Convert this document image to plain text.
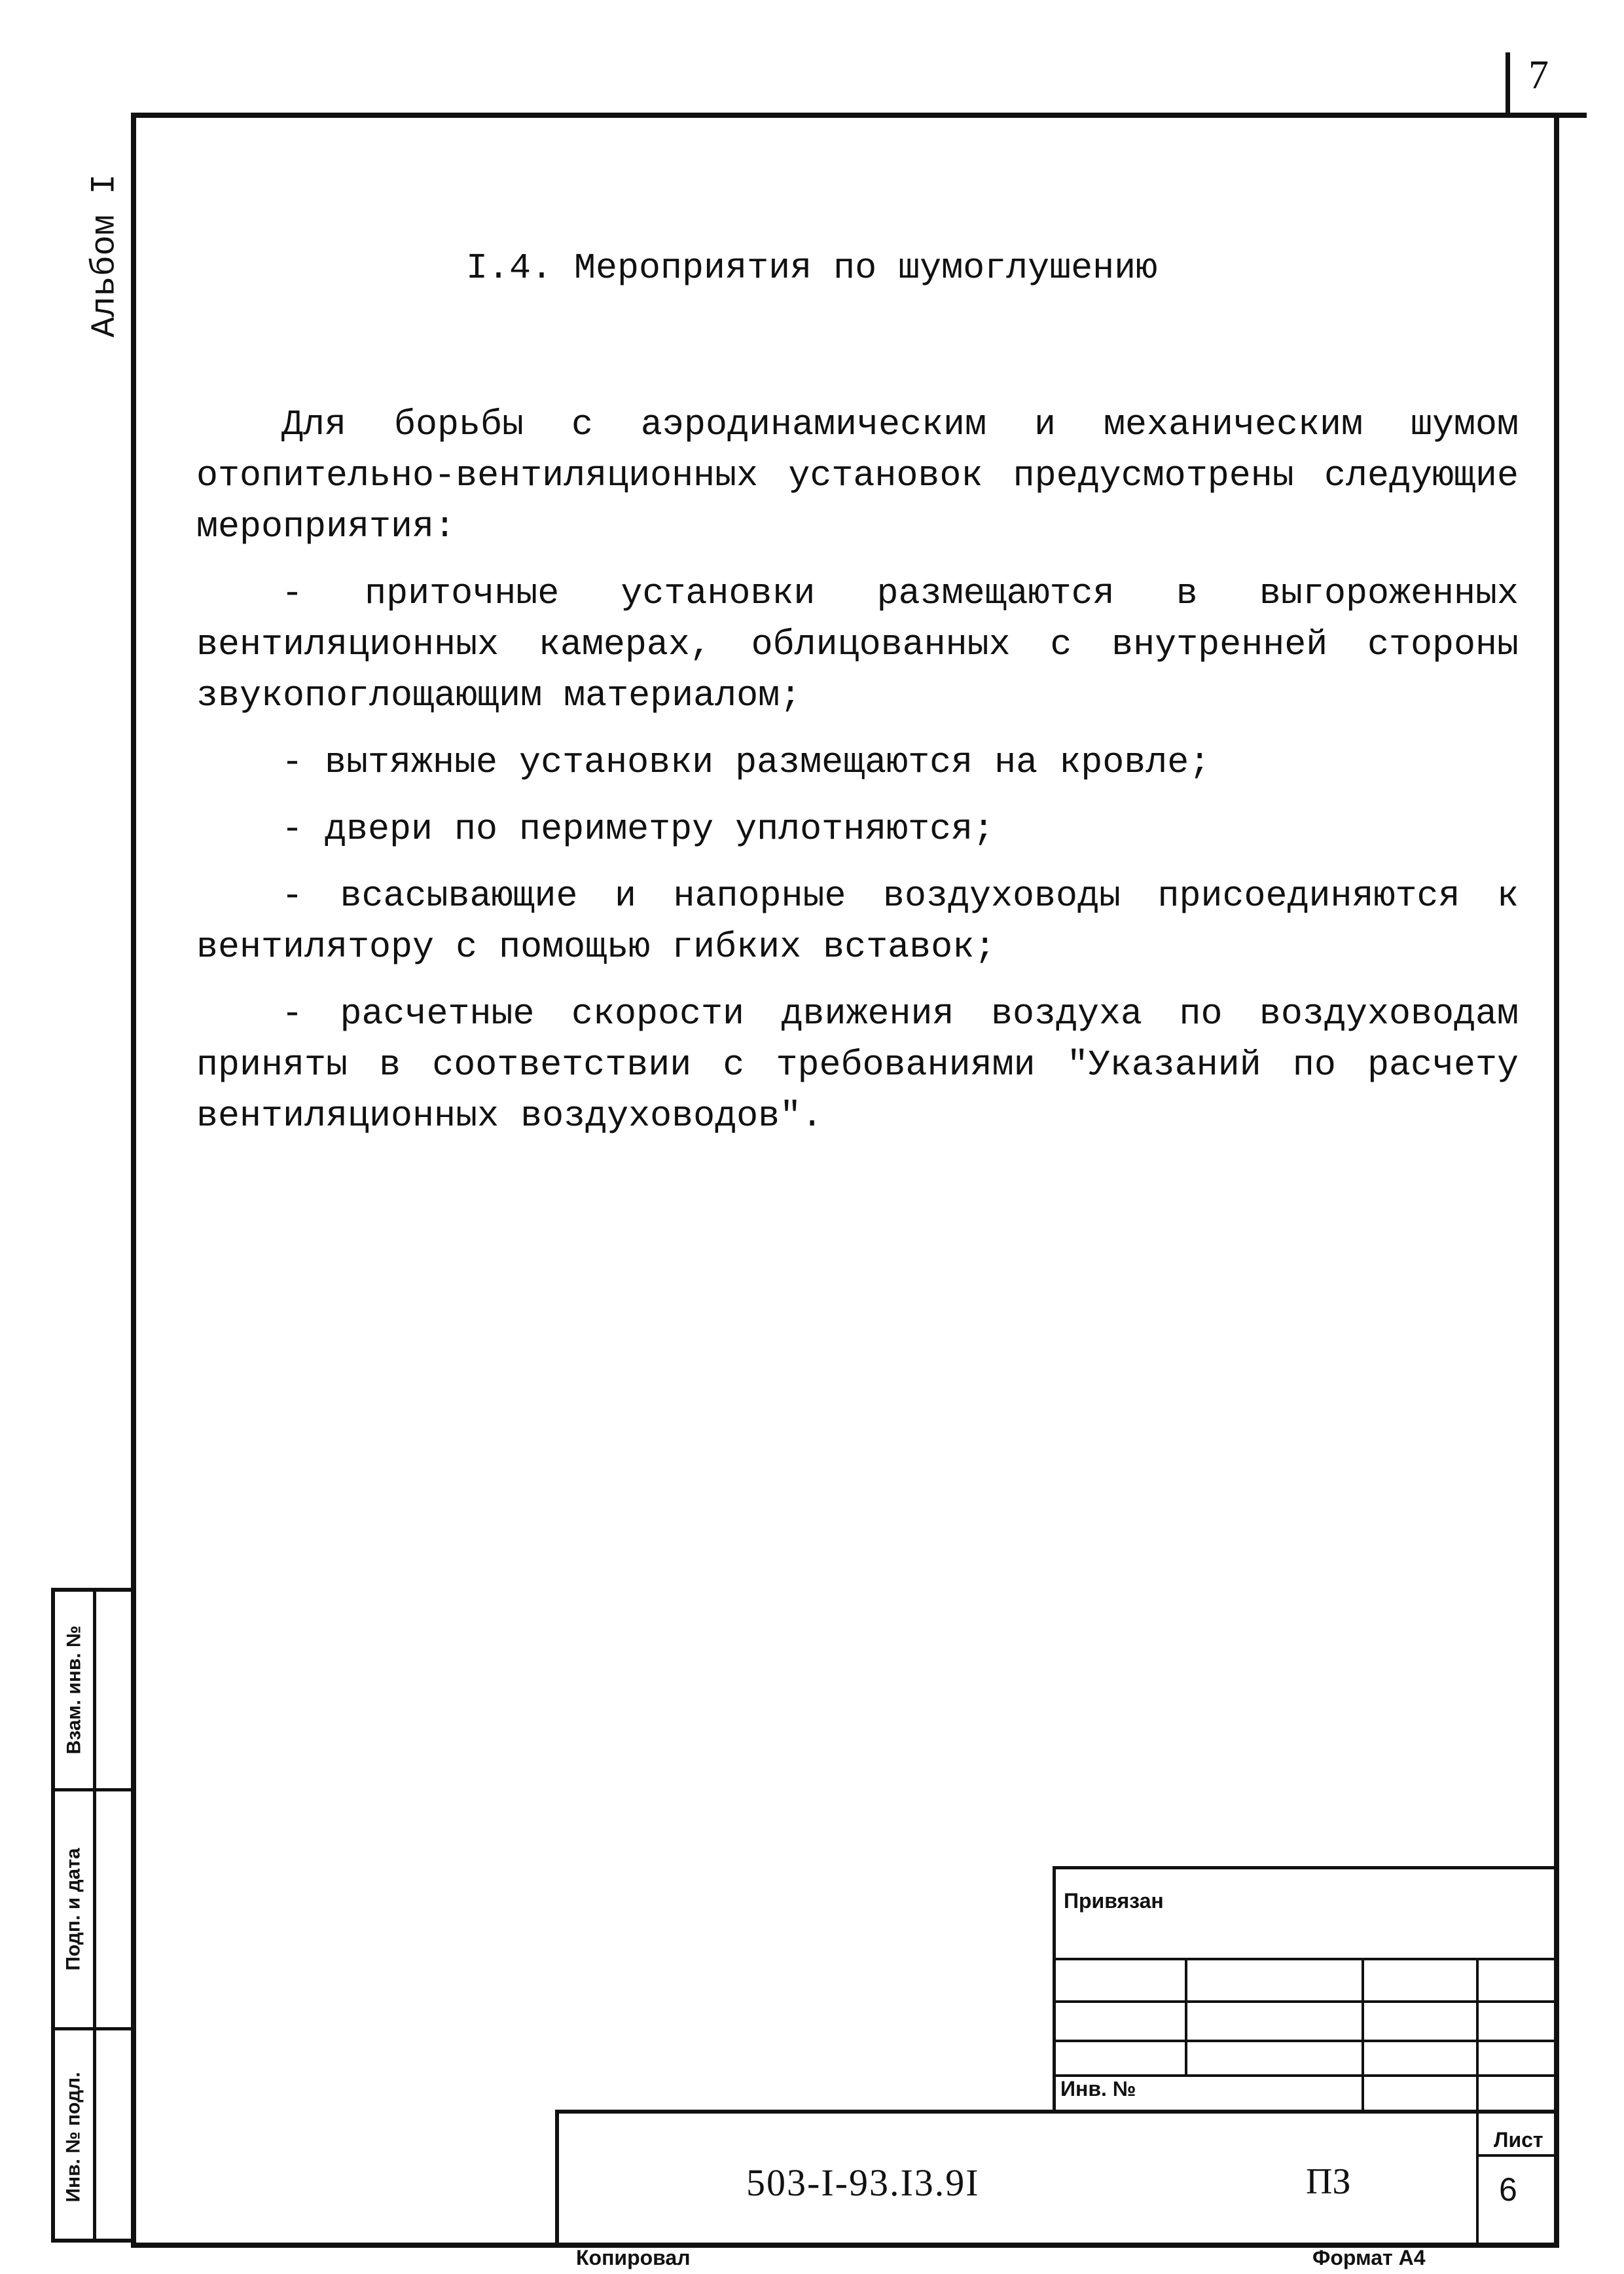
7
Альбом I	I.4. Мероприятия по шумоглушению

Для борьбы с аэродинамическим и механическим шумом отопительно-вентиляционных установок предусмотрены следующие мероприятия:

- приточные установки размещаются в выгороженных вентиляционных камерах, облицованных с внутренней стороны звукопоглощающим материалом;

- вытяжные установки размещаются на кровле;

- двери по периметру уплотняются;

- всасывающие и напорные воздуховоды присоединяются к вентилятору с помощью гибких вставок;

- расчетные скорости движения воздуха по воздуховодам приняты в соответствии с требованиями "Указаний по расчету вентиляционных воздуховодов".

Взам. инв. №
Подп. и дата
Инв. № подл.
Привязан
Инв. №
503-I-93.I3.9I	ПЗ
Лист
6
Копировал	Формат А4
